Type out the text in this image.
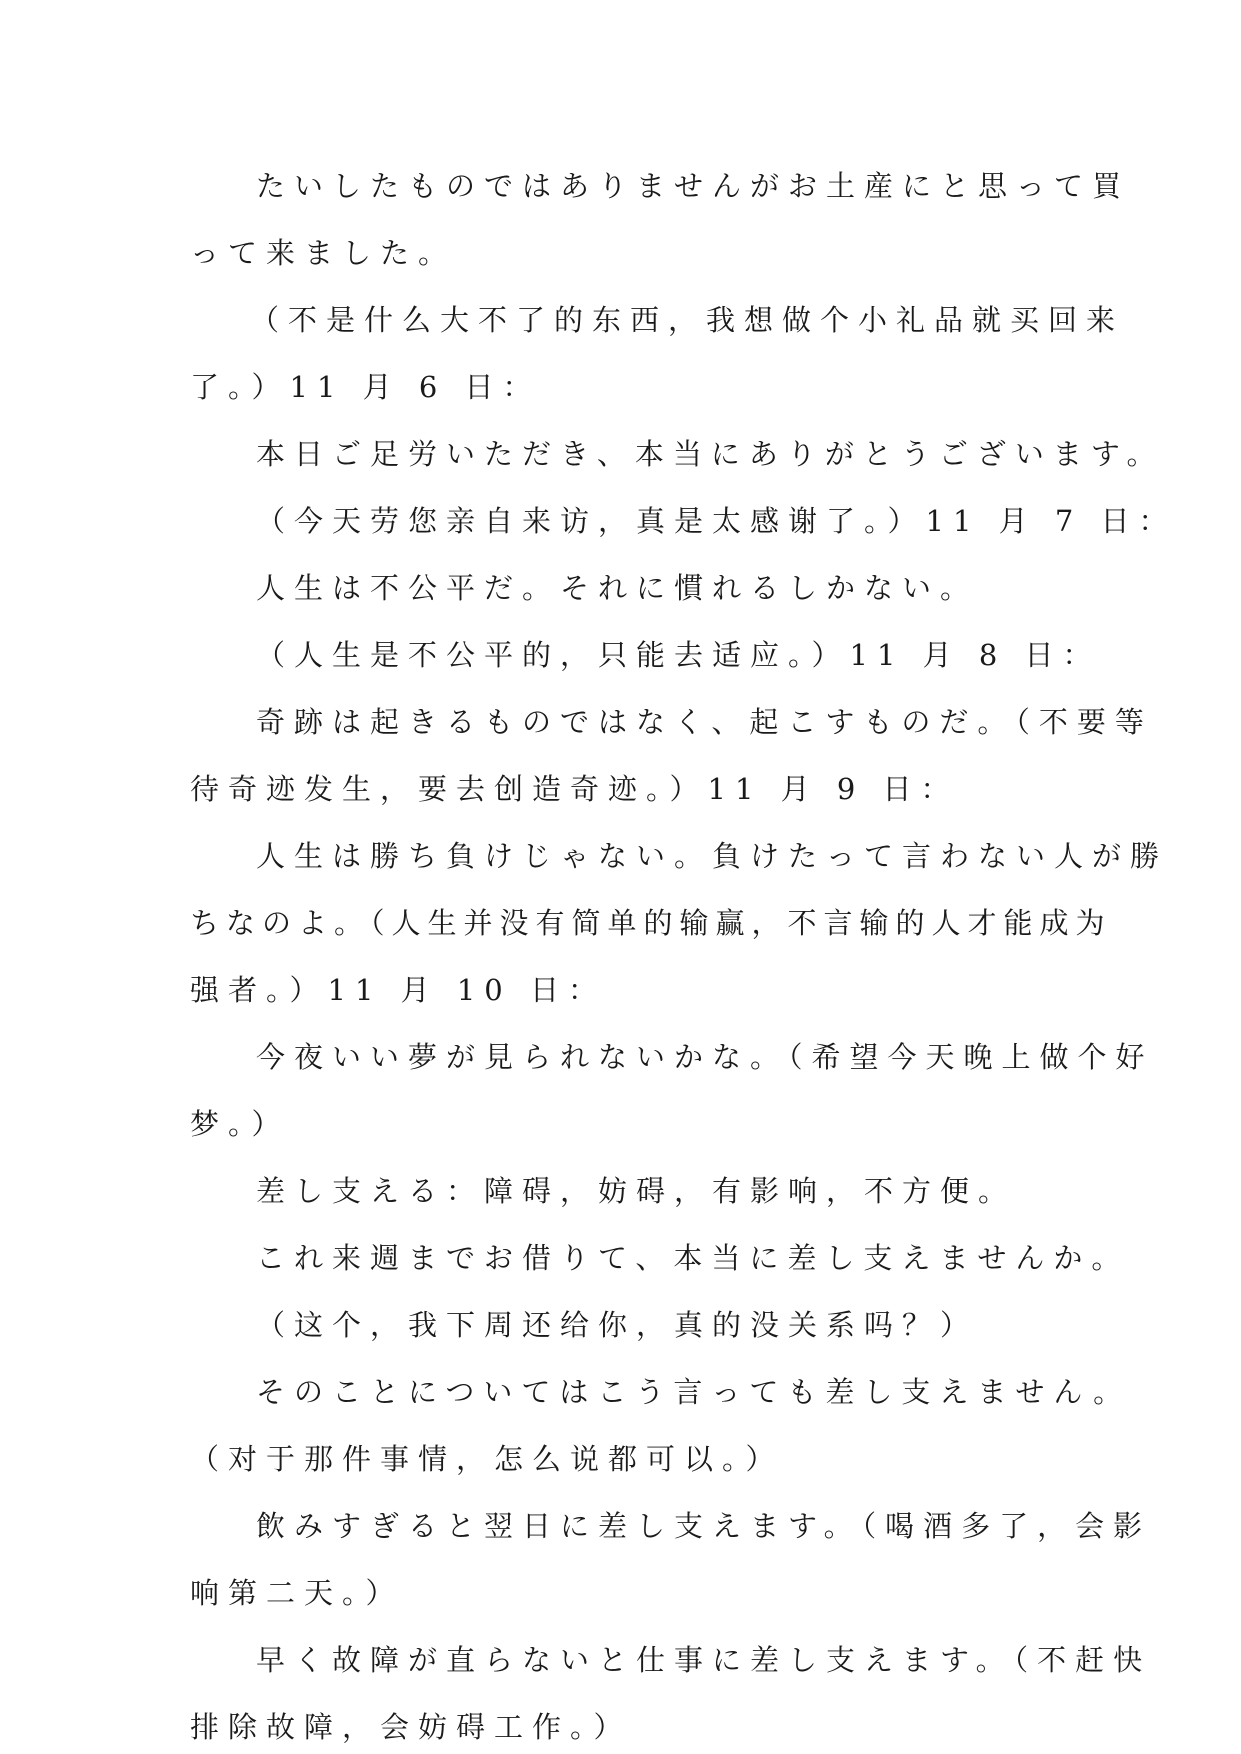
たいしたものではありませんがお土産にと思って買
って来ました。
（不是什么大不了的东西，我想做个小礼品就买回来
了。）11 月 6 日：
本日ご足労いただき、本当にありがとうございます。
（今天劳您亲自来访，真是太感谢了。）11 月 7 日：
人生は不公平だ。それに慣れるしかない。
（人生是不公平的，只能去适应。）11 月 8 日：
奇跡は起きるものではなく、起こすものだ。（不要等
待奇迹发生，要去创造奇迹。）11 月 9 日：
人生は勝ち負けじゃない。負けたって言わない人が勝
ちなのよ。（人生并没有简单的输赢，不言输的人才能成为
强者。）11 月 10 日：
今夜いい夢が見られないかな。（希望今天晚上做个好
梦。）
差し支える：障碍，妨碍，有影响，不方便。
これ来週までお借りて、本当に差し支えませんか。
（这个，我下周还给你，真的没关系吗？）
そのことについてはこう言っても差し支えません。
（对于那件事情，怎么说都可以。）
飲みすぎると翌日に差し支えます。（喝酒多了，会影
响第二天。）
早く故障が直らないと仕事に差し支えます。（不赶快
排除故障，会妨碍工作。）
